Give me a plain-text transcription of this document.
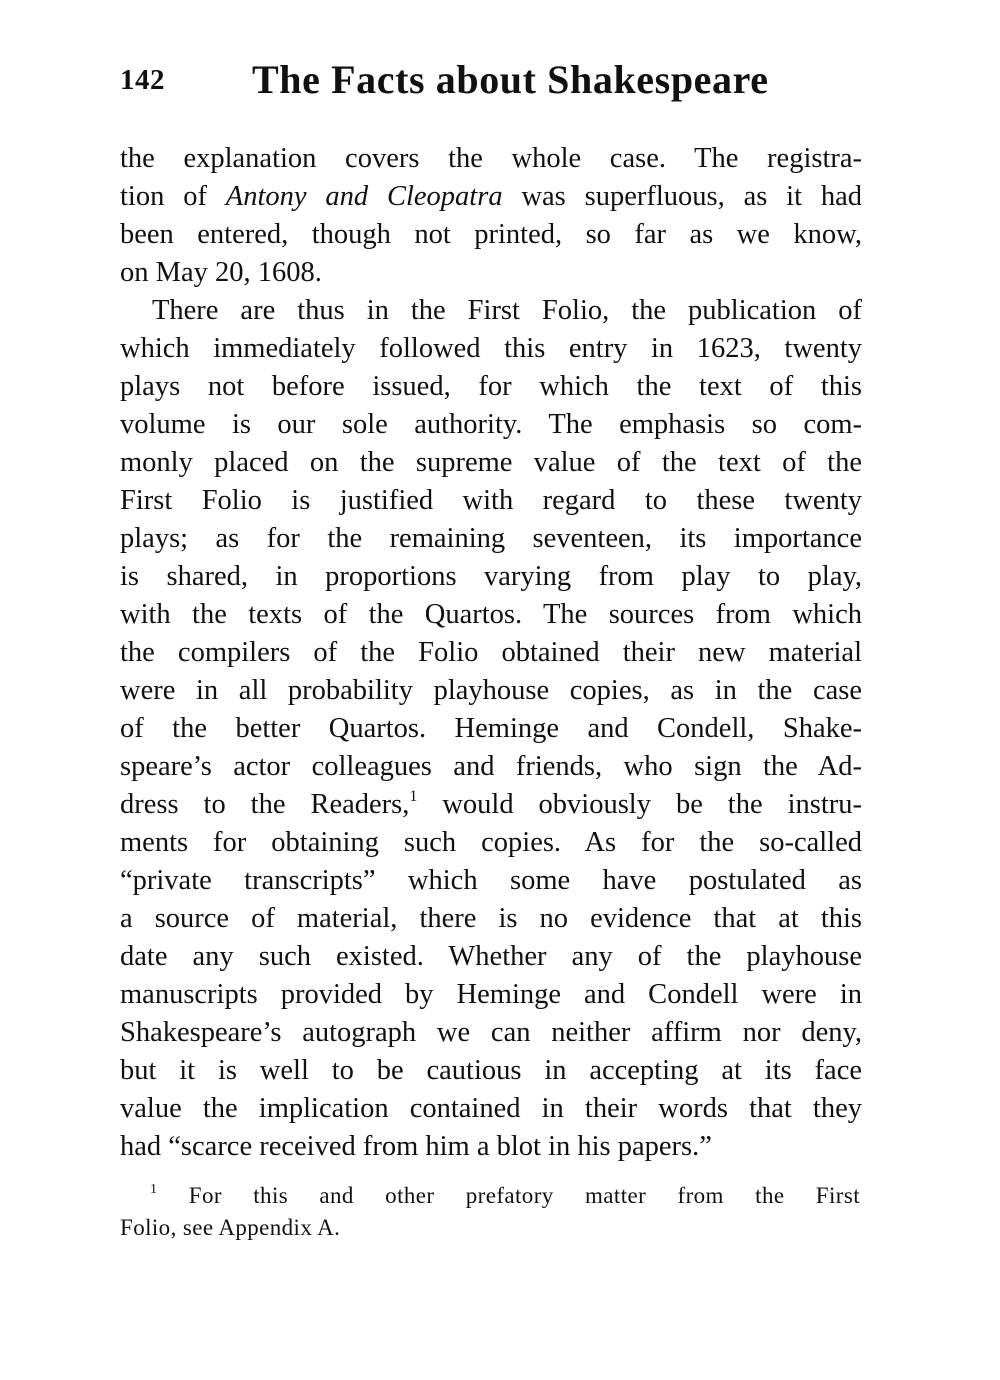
142 The Facts about Shakespeare
the explanation covers the whole case. The registra-
tion of Antony and Cleopatra was superfluous, as it had
been entered, though not printed, so far as we know,
on May 20, 1608.
There are thus in the First Folio, the publication of
which immediately followed this entry in 1623, twenty
plays not before issued, for which the text of this
volume is our sole authority. The emphasis so com-
monly placed on the supreme value of the text of the
First Folio is justified with regard to these twenty
plays; as for the remaining seventeen, its importance
is shared, in proportions varying from play to play,
with the texts of the Quartos. The sources from which
the compilers of the Folio obtained their new material
were in all probability playhouse copies, as in the case
of the better Quartos. Heminge and Condell, Shake-
speare’s actor colleagues and friends, who sign the Ad-
dress to the Readers,$^1$ would obviously be the instru-
ments for obtaining such copies. As for the so-called
“private transcripts” which some have postulated as
a source of material, there is no evidence that at this
date any such existed. Whether any of the playhouse
manuscripts provided by Heminge and Condell were in
Shakespeare’s autograph we can neither affirm nor deny,
but it is well to be cautious in accepting at its face
value the implication contained in their words that they
had “scarce received from him a blot in his papers.”
$^1$ For this and other prefatory matter from the First
Folio, see Appendix A.
